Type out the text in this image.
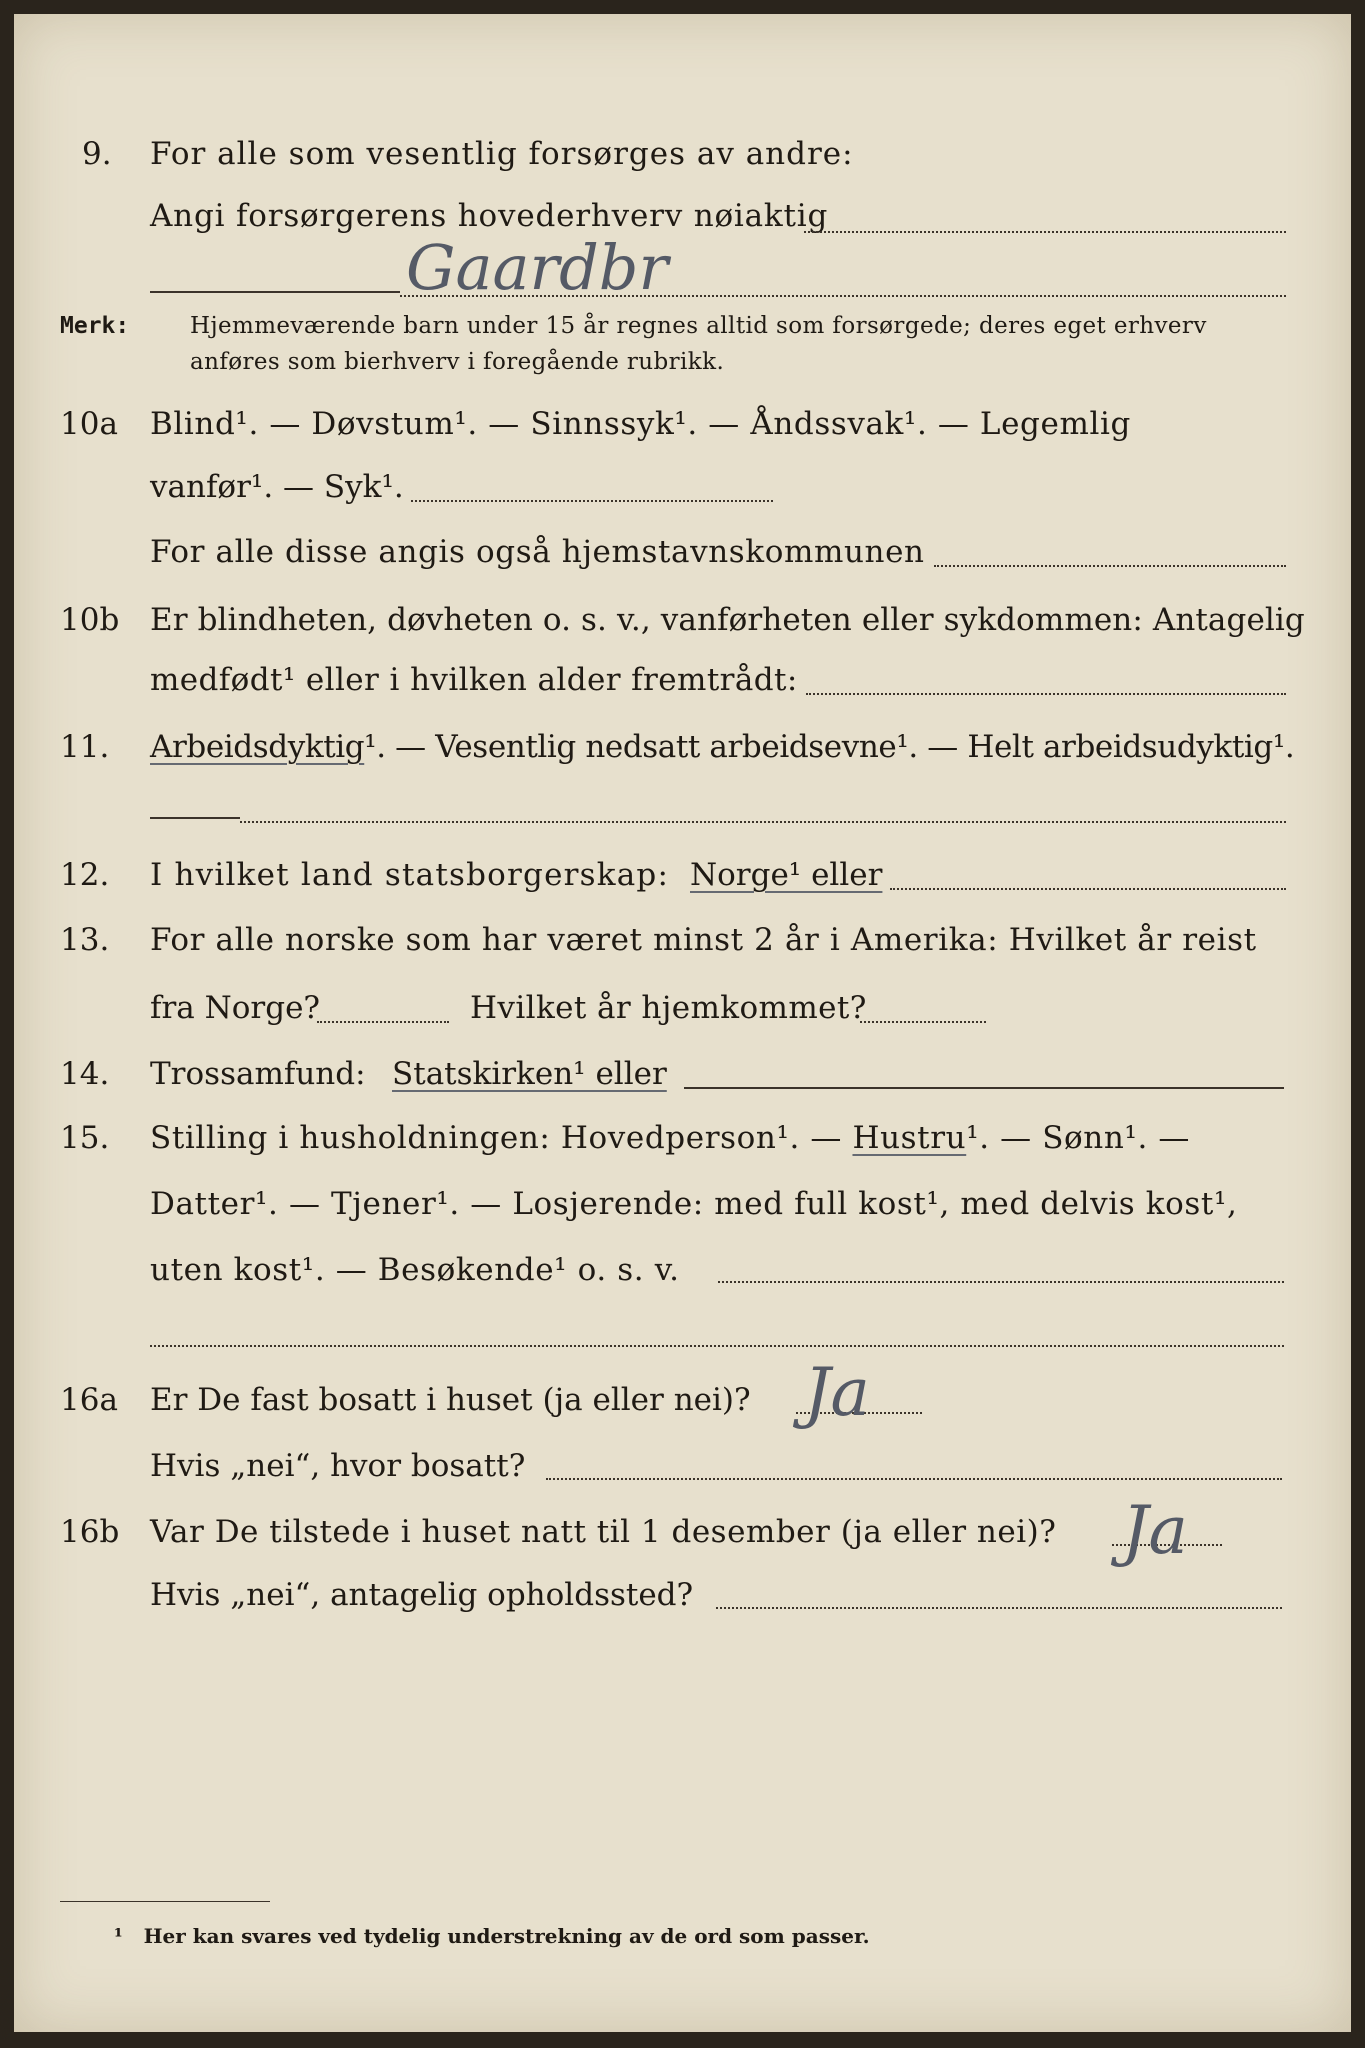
9. For alle som vesentlig forsørges av andre:
Angi forsørgerens hovederhverv nøiaktig
Gaardbr
Merk:	Hjemmeværende barn under 15 år regnes alltid som forsørgede; deres eget erhverv
anføres som bierhverv i foregående rubrikk.
10a Blind¹. — Døvstum¹. — Sinnssyk¹. — Åndssvak¹. — Legemlig
vanfør¹. — Syk¹.
For alle disse angis også hjemstavnskommunen
10b Er blindheten, døvheten o. s. v., vanførheten eller sykdommen: Antagelig
medfødt¹ eller i hvilken alder fremtrådt:
11. Arbeidsdyktig¹. — Vesentlig nedsatt arbeidsevne¹. — Helt arbeidsudyktig¹.
12. I hvilket land statsborgerskap: Norge¹ eller
13. For alle norske som har været minst 2 år i Amerika: Hvilket år reist
fra Norge?	Hvilket år hjemkommet?
14. Trossamfund: Statskirken¹ eller
15. Stilling i husholdningen: Hovedperson¹. — Hustru¹. — Sønn¹. —
Datter¹. — Tjener¹. — Losjerende: med full kost¹, med delvis kost¹,
uten kost¹. — Besøkende¹ o. s. v.
16a Er De fast bosatt i huset (ja eller nei)? Ja
Hvis „nei“, hvor bosatt?
16b Var De tilstede i huset natt til 1 desember (ja eller nei)? Ja
Hvis „nei“, antagelig opholdssted?
¹ Her kan svares ved tydelig understrekning av de ord som passer.
